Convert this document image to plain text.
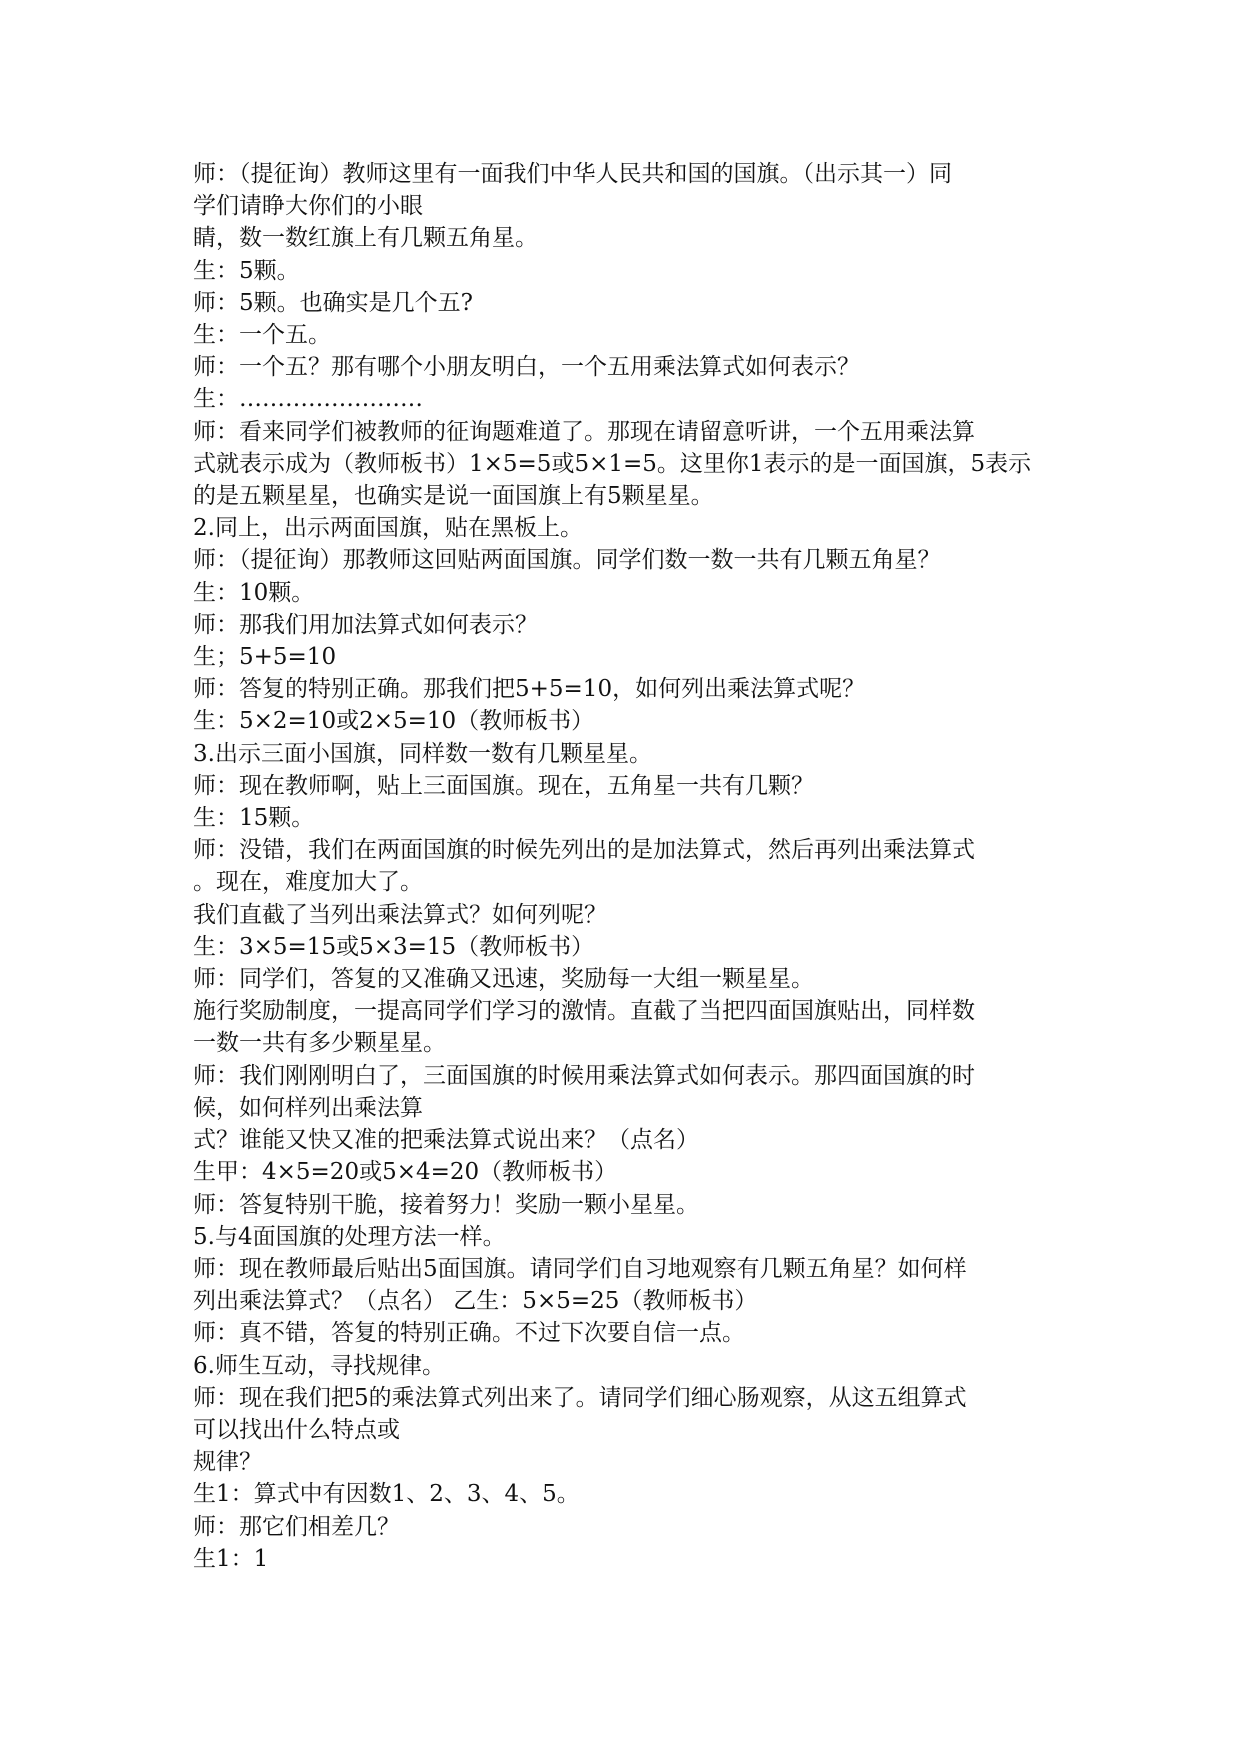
师：（提征询）教师这里有一面我们中华人民共和国的国旗。（出示其一）同
学们请睁大你们的小眼
睛，数一数红旗上有几颗五角星。
生：5颗。
师：5颗。也确实是几个五?
生：一个五。
师：一个五？那有哪个小朋友明白，一个五用乘法算式如何表示？
生：……………………
师：看来同学们被教师的征询题难道了。那现在请留意听讲，一个五用乘法算
式就表示成为（教师板书）1×5=5或5×1=5。这里你1表示的是一面国旗，5表示
的是五颗星星，也确实是说一面国旗上有5颗星星。
2.同上，出示两面国旗，贴在黑板上。
师：（提征询）那教师这回贴两面国旗。同学们数一数一共有几颗五角星？
生：10颗。
师：那我们用加法算式如何表示？
生；5+5=10
师：答复的特别正确。那我们把5+5=10，如何列出乘法算式呢？
生：5×2=10或2×5=10（教师板书）
3.出示三面小国旗，同样数一数有几颗星星。
师：现在教师啊，贴上三面国旗。现在，五角星一共有几颗？
生：15颗。
师：没错，我们在两面国旗的时候先列出的是加法算式，然后再列出乘法算式
。现在，难度加大了。
我们直截了当列出乘法算式？如何列呢？
生：3×5=15或5×3=15（教师板书）
师：同学们，答复的又准确又迅速，奖励每一大组一颗星星。
施行奖励制度，一提高同学们学习的激情。直截了当把四面国旗贴出，同样数
一数一共有多少颗星星。
师：我们刚刚明白了，三面国旗的时候用乘法算式如何表示。那四面国旗的时
候，如何样列出乘法算
式？谁能又快又准的把乘法算式说出来？（点名）
生甲：4×5=20或5×4=20（教师板书）
师：答复特别干脆，接着努力！奖励一颗小星星。
5.与4面国旗的处理方法一样。
师：现在教师最后贴出5面国旗。请同学们自习地观察有几颗五角星？如何样
列出乘法算式？（点名） 乙生：5×5=25（教师板书）
师：真不错，答复的特别正确。不过下次要自信一点。
6.师生互动，寻找规律。
师：现在我们把5的乘法算式列出来了。请同学们细心肠观察，从这五组算式
可以找出什么特点或
规律？
生1：算式中有因数1、2、3、4、5。
师：那它们相差几？
生1：1
